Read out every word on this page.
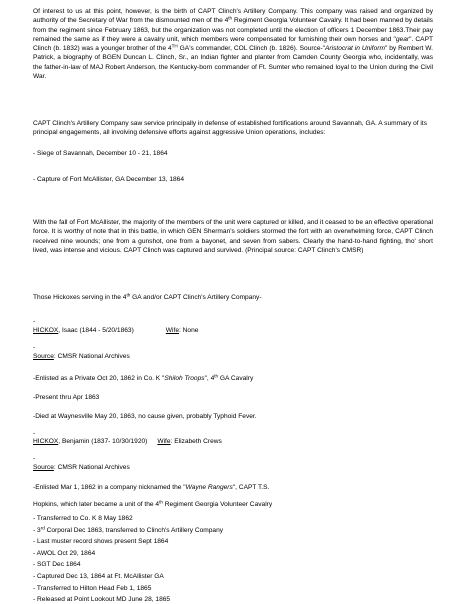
Of interest to us at this point, however, is the birth of CAPT Clinch's Artillery Company. This company was raised and organized by authority of the Secretary of War from the dismounted men of the 4th Regiment Georgia Volunteer Cavalry. It had been manned by details from the regiment since February 1863, but the organization was not completed until the election of officers 1 December 1863.Their pay remained the same as if they were a cavalry unit, which members were compensated for furnishing their own horses and "gear". CAPT Clinch (b. 1832) was a younger brother of the 4TH GA's commander, COL Clinch (b. 1826). Source-"Aristocrat in Uniform" by Rembert W. Patrick, a biography of BGEN Duncan L. Clinch, Sr., an Indian fighter and planter from Camden County Georgia who, incidentally, was the father-in-law of MAJ Robert Anderson, the Kentucky-born commander of Ft. Sumter who remained loyal to the Union during the Civil War.

CAPT Clinch's Artillery Company saw service principally in defense of established fortifications around Savannah, GA. A summary of its principal engagements, all involving defensive efforts against aggressive Union operations, includes:

- Siege of Savannah, December 10 - 21, 1864

- Capture of Fort McAllister, GA December 13, 1864

With the fall of Fort McAllister, the majority of the members of the unit were captured or killed, and it ceased to be an effective operational force. It is worthy of note that in this battle, in which GEN Sherman's soldiers stormed the fort with an overwhelming force, CAPT Clinch received nine wounds; one from a gunshot, one from a bayonet, and seven from sabers. Clearly the hand-to-hand fighting, tho' short lived, was intense and vicious. CAPT Clinch was captured and survived. (Principal source: CAPT Clinch's CMSR)

Those Hickoxes serving in the 4th GA and/or CAPT Clinch's Artillery Company-

-

HICKOX, Isaac (1844 - 5/20/1863)	Wife: None

-

Source: CMSR National Archives

-Enlisted as a Private Oct 20, 1862 in Co. K "Shiloh Troops", 4th GA Cavalry

-Present thru Apr 1863

-Died at Waynesville May 20, 1863, no cause given, probably Typhoid Fever.

-

HICKOX, Benjamin (1837- 10/30/1920) Wife: Elizabeth Crews

-

Source: CMSR National Archives

-Enlisted Mar 1, 1862 in a company nicknamed the "Wayne Rangers", CAPT T.S.

Hopkins, which later became a unit of the 4th Regiment Georgia Volunteer Cavalry

- Transferred to Co. K 8 May 1862

- 3rd Corporal Dec 1863, transferred to Clinch's Artillery Company

- Last muster record shows present Sept 1864

- AWOL Oct 29, 1864

- SGT Dec 1864

- Captured Dec 13, 1864 at Ft. McAllister GA

- Transferred to Hilton Head Feb 1, 1865

- Released at Point Lookout MD June 28, 1865
